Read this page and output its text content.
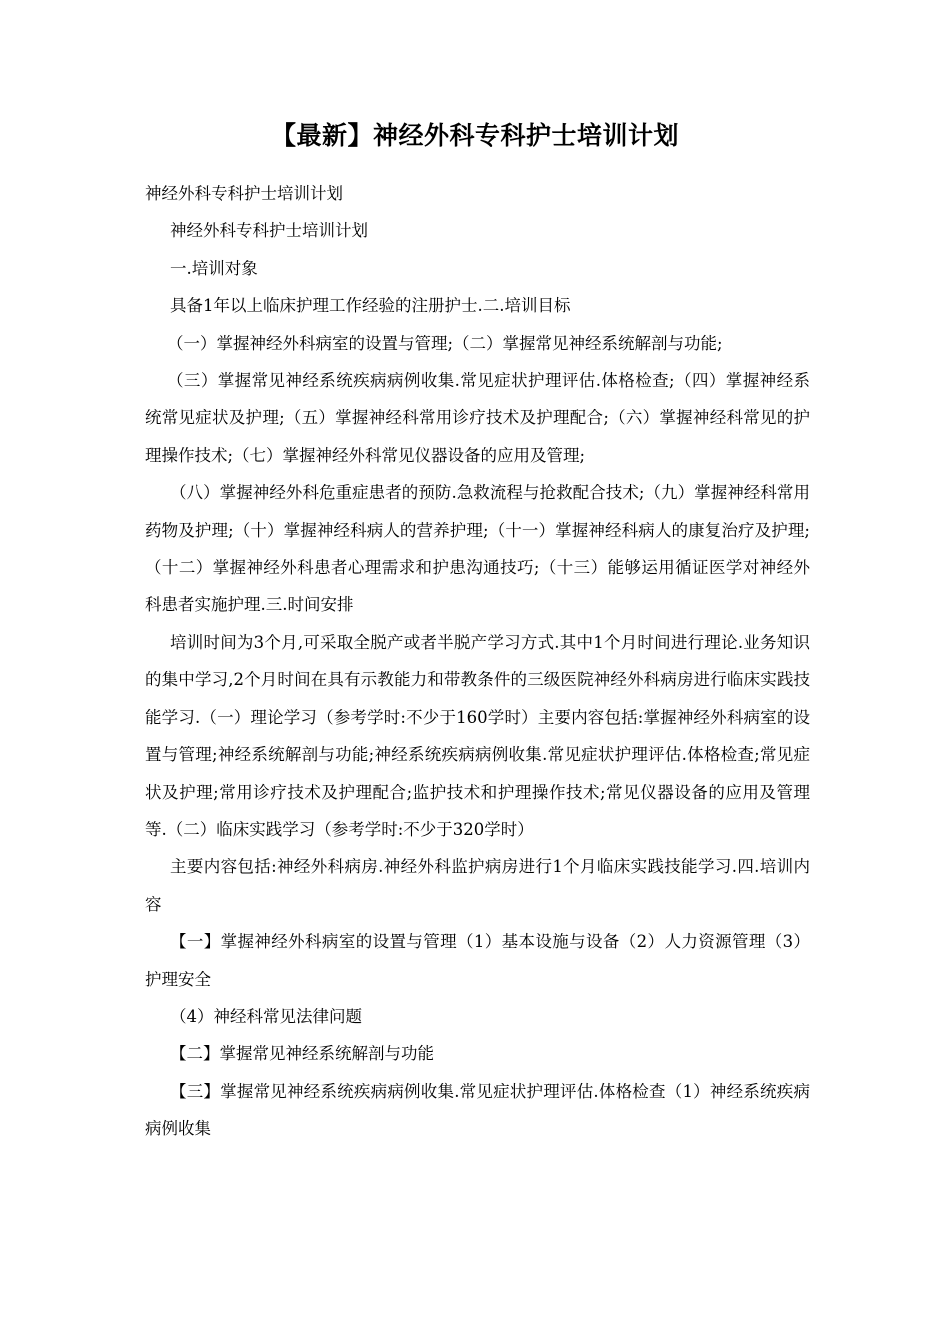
【最新】神经外科专科护士培训计划

神经外科专科护士培训计划

神经外科专科护士培训计划

一.培训对象

具备1年以上临床护理工作经验的注册护士.二.培训目标

（一）掌握神经外科病室的设置与管理;（二）掌握常见神经系统解剖与功能;

（三）掌握常见神经系统疾病病例收集.常见症状护理评估.体格检查;（四）掌握神经系统常见症状及护理;（五）掌握神经科常用诊疗技术及护理配合;（六）掌握神经科常见的护理操作技术;（七）掌握神经外科常见仪器设备的应用及管理;

（八）掌握神经外科危重症患者的预防.急救流程与抢救配合技术;（九）掌握神经科常用药物及护理;（十）掌握神经科病人的营养护理;（十一）掌握神经科病人的康复治疗及护理;（十二）掌握神经外科患者心理需求和护患沟通技巧;（十三）能够运用循证医学对神经外科患者实施护理.三.时间安排

培训时间为3个月,可采取全脱产或者半脱产学习方式.其中1个月时间进行理论.业务知识的集中学习,2个月时间在具有示教能力和带教条件的三级医院神经外科病房进行临床实践技能学习.（一）理论学习（参考学时:不少于160学时）主要内容包括:掌握神经外科病室的设置与管理;神经系统解剖与功能;神经系统疾病病例收集.常见症状护理评估.体格检查;常见症状及护理;常用诊疗技术及护理配合;监护技术和护理操作技术;常见仪器设备的应用及管理等.（二）临床实践学习（参考学时:不少于320学时）

主要内容包括:神经外科病房.神经外科监护病房进行1个月临床实践技能学习.四.培训内容

【一】掌握神经外科病室的设置与管理（1）基本设施与设备（2）人力资源管理（3）护理安全

（4）神经科常见法律问题

【二】掌握常见神经系统解剖与功能

【三】掌握常见神经系统疾病病例收集.常见症状护理评估.体格检查（1）神经系统疾病病例收集
